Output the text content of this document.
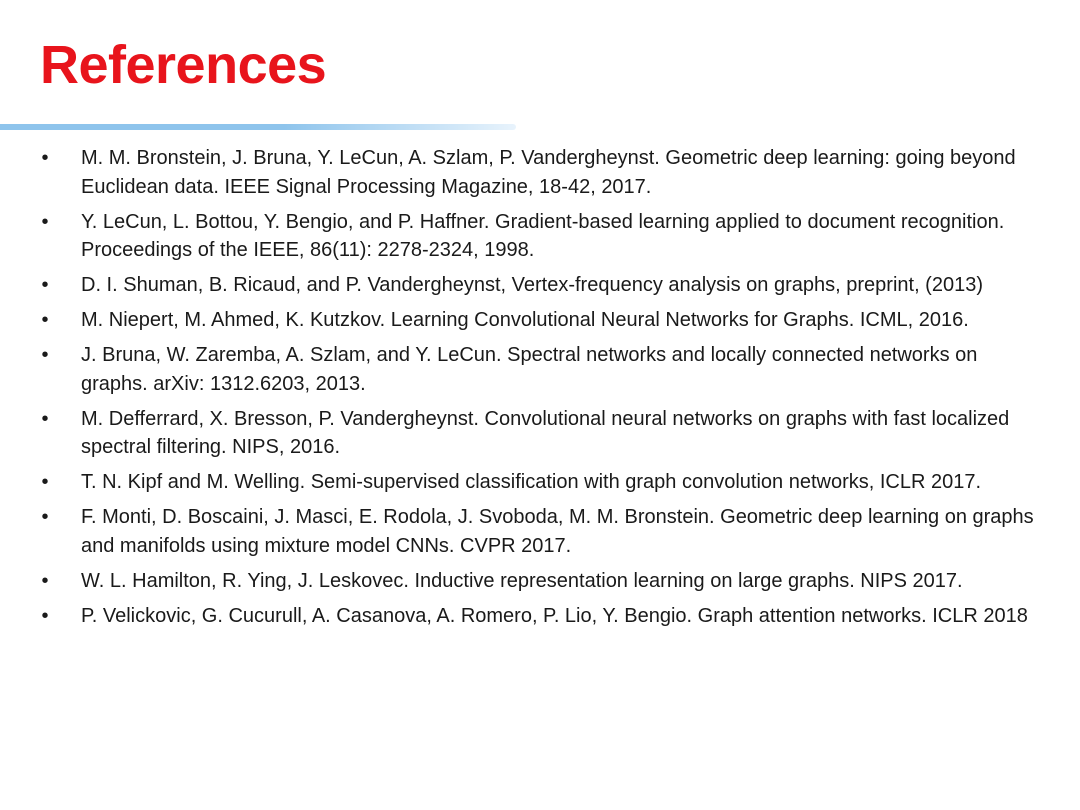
References
• M. M. Bronstein, J. Bruna, Y. LeCun, A. Szlam, P. Vandergheynst. Geometric deep learning: going beyond Euclidean data. IEEE Signal Processing Magazine, 18-42, 2017.
• Y. LeCun, L. Bottou, Y. Bengio, and P. Haffner. Gradient-based learning applied to document recognition. Proceedings of the IEEE, 86(11): 2278-2324, 1998.
• D. I. Shuman, B. Ricaud, and P. Vandergheynst, Vertex-frequency analysis on graphs, preprint, (2013)
• M. Niepert, M. Ahmed, K. Kutzkov. Learning Convolutional Neural Networks for Graphs. ICML, 2016.
• J. Bruna, W. Zaremba, A. Szlam, and Y. LeCun. Spectral networks and locally connected networks on graphs. arXiv: 1312.6203, 2013.
• M. Defferrard, X. Bresson, P. Vandergheynst. Convolutional neural networks on graphs with fast localized spectral filtering. NIPS, 2016.
• T. N. Kipf and M. Welling. Semi-supervised classification with graph convolution networks, ICLR 2017.
• F. Monti, D. Boscaini, J. Masci, E. Rodola, J. Svoboda, M. M. Bronstein. Geometric deep learning on graphs and manifolds using mixture model CNNs. CVPR 2017.
• W. L. Hamilton, R. Ying, J. Leskovec. Inductive representation learning on large graphs. NIPS 2017.
• P. Velickovic, G. Cucurull, A. Casanova, A. Romero, P. Lio, Y. Bengio. Graph attention networks. ICLR 2018
